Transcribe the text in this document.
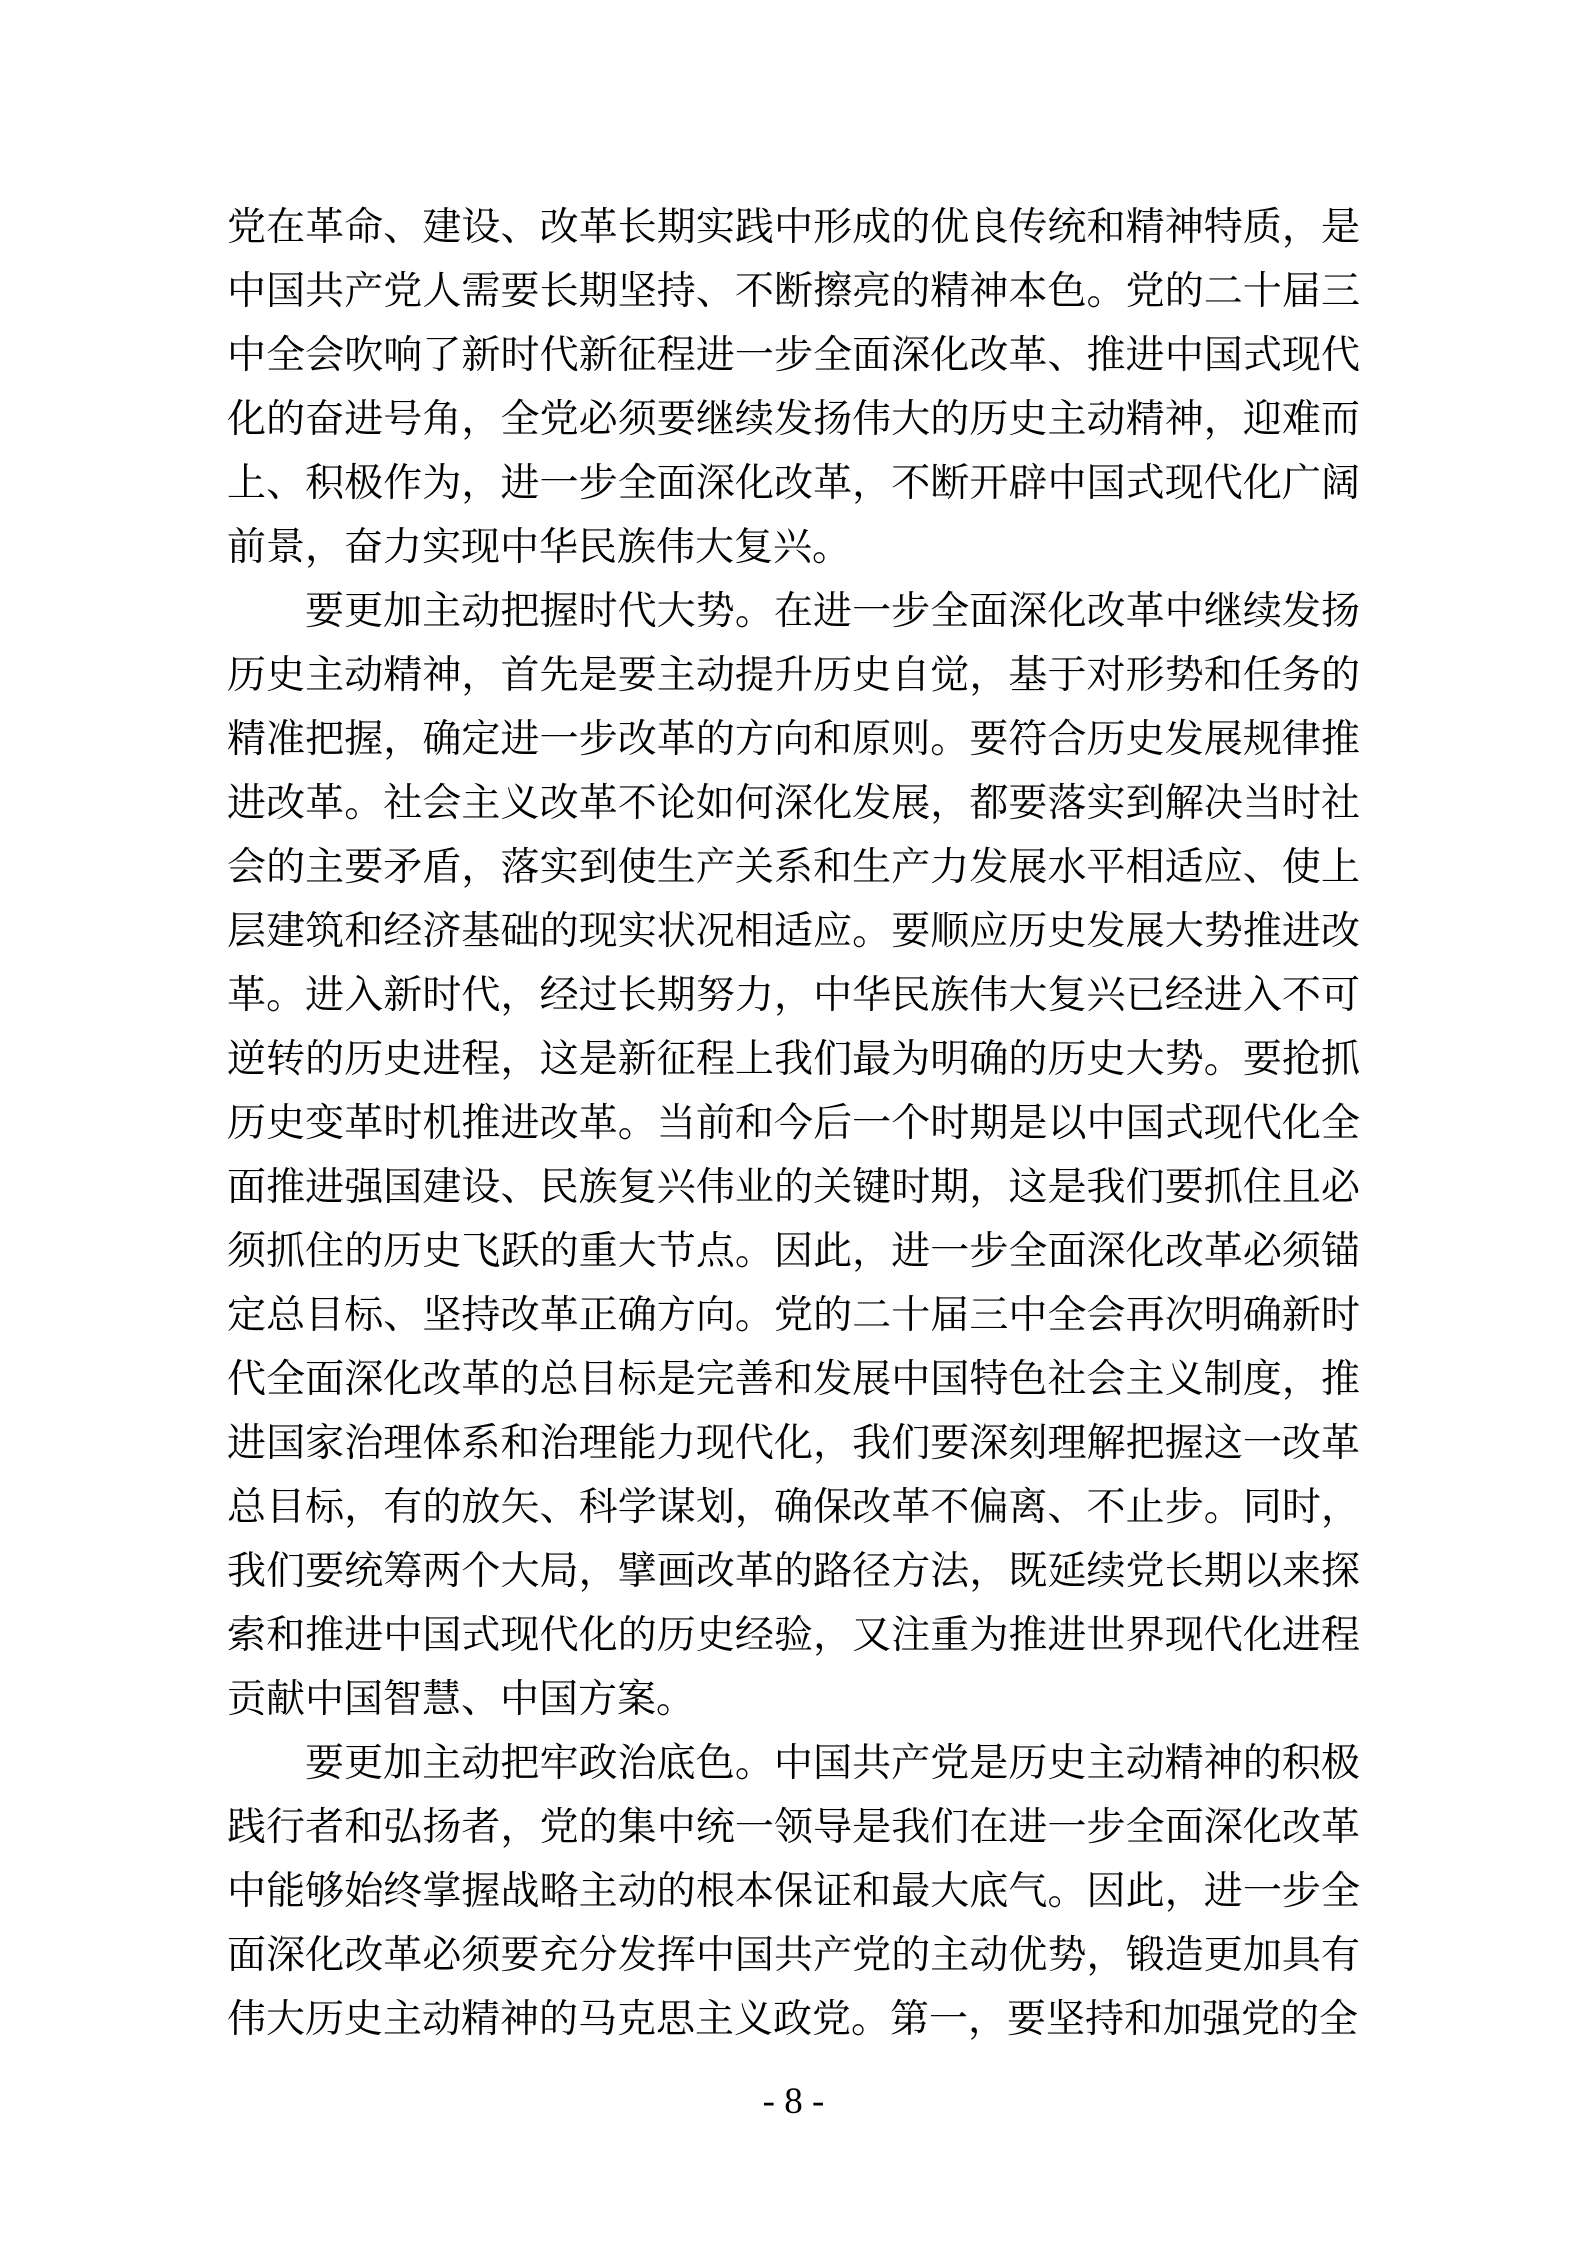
党在革命、建设、改革长期实践中形成的优良传统和精神特质，是
中国共产党人需要长期坚持、不断擦亮的精神本色。党的二十届三
中全会吹响了新时代新征程进一步全面深化改革、推进中国式现代
化的奋进号角，全党必须要继续发扬伟大的历史主动精神，迎难而
上、积极作为，进一步全面深化改革，不断开辟中国式现代化广阔
前景，奋力实现中华民族伟大复兴。
要更加主动把握时代大势。在进一步全面深化改革中继续发扬
历史主动精神，首先是要主动提升历史自觉，基于对形势和任务的
精准把握，确定进一步改革的方向和原则。要符合历史发展规律推
进改革。社会主义改革不论如何深化发展，都要落实到解决当时社
会的主要矛盾，落实到使生产关系和生产力发展水平相适应、使上
层建筑和经济基础的现实状况相适应。要顺应历史发展大势推进改
革。进入新时代，经过长期努力，中华民族伟大复兴已经进入不可
逆转的历史进程，这是新征程上我们最为明确的历史大势。要抢抓
历史变革时机推进改革。当前和今后一个时期是以中国式现代化全
面推进强国建设、民族复兴伟业的关键时期，这是我们要抓住且必
须抓住的历史飞跃的重大节点。因此，进一步全面深化改革必须锚
定总目标、坚持改革正确方向。党的二十届三中全会再次明确新时
代全面深化改革的总目标是完善和发展中国特色社会主义制度，推
进国家治理体系和治理能力现代化，我们要深刻理解把握这一改革
总目标，有的放矢、科学谋划，确保改革不偏离、不止步。同时，
我们要统筹两个大局，擘画改革的路径方法，既延续党长期以来探
索和推进中国式现代化的历史经验，又注重为推进世界现代化进程
贡献中国智慧、中国方案。
要更加主动把牢政治底色。中国共产党是历史主动精神的积极
践行者和弘扬者，党的集中统一领导是我们在进一步全面深化改革
中能够始终掌握战略主动的根本保证和最大底气。因此，进一步全
面深化改革必须要充分发挥中国共产党的主动优势，锻造更加具有
伟大历史主动精神的马克思主义政党。第一，要坚持和加强党的全
- 8 -
